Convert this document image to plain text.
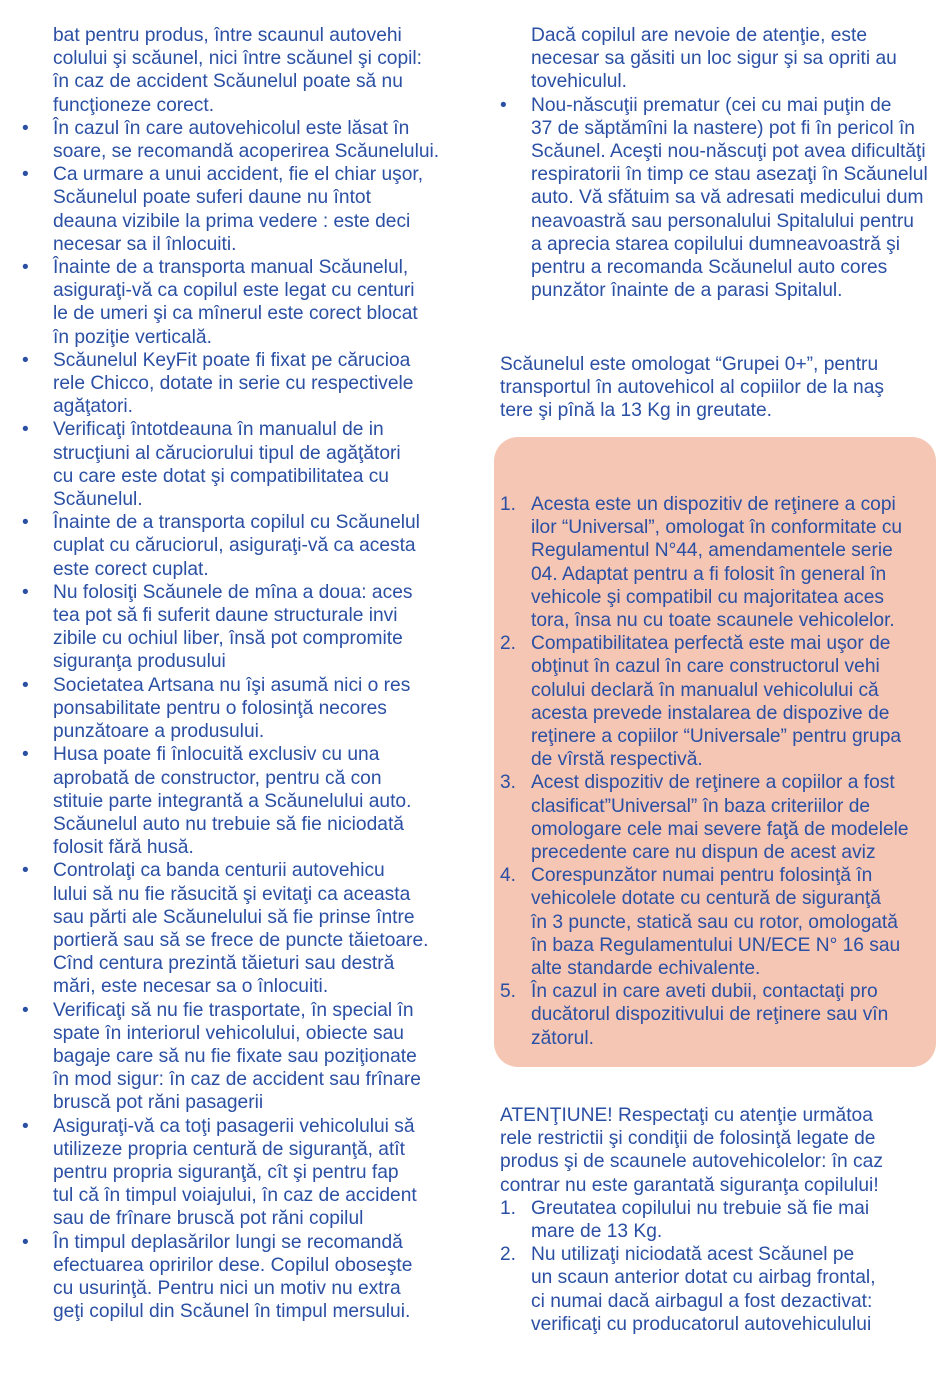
bat pentru produs, între scaunul autovehi
colului şi scăunel, nici între scăunel şi copil:
în caz de accident Scăunelul poate să nu
funcţioneze corect.
•	În cazul în care autovehicolul este lăsat în
soare, se recomandă acoperirea Scăunelului.
•	Ca urmare a unui accident, fie el chiar uşor,
Scăunelul poate suferi daune nu întot
deauna vizibile la prima vedere : este deci
necesar sa il înlocuiti.
•	Înainte de a transporta manual Scăunelul,
asiguraţi-vă ca copilul este legat cu centuri
le de umeri şi ca mînerul este corect blocat
în poziţie verticală.
•	Scăunelul KeyFit poate fi fixat pe căruciоa
rele Chicco, dotate in serie cu respectivele
agăţatori.
•	Verificaţi întotdeauna în manualul de in
strucţiuni al căruciorului tipul de agăţători
cu care este dotat şi compatibilitatea cu
Scăunelul.
•	Înainte de a transporta copilul cu Scăunelul
cuplat cu căruciorul, asiguraţi-vă ca acesta
este corect cuplat.
•	Nu folosiţi Scăunele de mîna a doua: aces
tea pot să fi suferit daune structurale invi
zibile cu ochiul liber, însă pot compromite
siguranţa produsului
•	Societatea Artsana nu îşi asumă nici o res
ponsabilitate pentru o folosinţă necores
punzătoare a produsului.
•	Husa poate fi înlocuită exclusiv cu una
aprobată de constructor, pentru că con
stituie parte integrantă a Scăunelului auto.
Scăunelul auto nu trebuie să fie niciodată
folosit fără husă.
•	Controlaţi ca banda centurii autovehicu
lului să nu fie răsucită şi evitaţi ca aceasta
sau părti ale Scăunelului să fie prinse între
portieră sau să se frece de puncte tăietoare.
Cînd centura prezintă tăieturi sau destră
mări, este necesar sa o înlocuiti.
•	Verificaţi să nu fie trasportate, în special în
spate în interiorul vehicolului, obiecte sau
bagaje care să nu fie fixate sau poziţionate
în mod sigur: în caz de accident sau frînare
bruscă pot răni pasagerii
•	Asiguraţi-vă ca toţi pasagerii vehicolului să
utilizeze propria centură de siguranţă, atît
pentru propria siguranţă, cît şi pentru fap
tul că în timpul voiajului, în caz de accident
sau de frînare bruscă pot răni copilul
•	În timpul deplasărilor lungi se recomandă
efectuarea opririlor dese. Copilul oboseşte
cu usurinţă. Pentru nici un motiv nu extra
geţi copilul din Scăunel în timpul mersului.
Dacă copilul are nevoie de atenţie, este
necesar sa găsiti un loc sigur şi sa opriti au
tovehiculul.
•	Nou-născuţii prematur (cei cu mai puţin de
37 de săptămîni la nastere) pot fi în pericol în
Scăunel. Aceşti nou-născuţi pot avea dificultăţi
respiratorii în timp ce stau asezaţi în Scăunelul
auto. Vă sfătuim sa vă adresati medicului dum
neavoastră sau personalului Spitalului pentru
a aprecia starea copilului dumneavoastră şi
pentru a recomanda Scăunelul auto cores
punzător înainte de a parasi Spitalul.
Scăunelul este omologat “Grupei 0+”, pentru
transportul în autovehicol al copiilor de la naş
tere şi pînă la 13 Kg in greutate.
1. Acesta este un dispozitiv de reţinere a copi
ilor “Universal”, omologat în conformitate cu
Regulamentul N°44, amendamentele serie
04. Adaptat pentru a fi folosit în general în
vehicole şi compatibil cu majoritatea aces
tora, însa nu cu toate scaunele vehicolelor.
2. Compatibilitatea perfectă este mai uşor de
obţinut în cazul în care constructorul vehi
colului declară în manualul vehicolului că
acesta prevede instalarea de dispozive de
reţinere a copiilor “Universale” pentru grupa
de vîrstă respectivă.
3. Acest dispozitiv de reţinere a copiilor a fost
clasificat”Universal” în baza criteriilor de
omologare cele mai severe faţă de modelele
precedente care nu dispun de acest aviz
4. Corespunzător numai pentru folosinţă în
vehicolele dotate cu centură de siguranţă
în 3 puncte, statică sau cu rotor, omologată
în baza Regulamentului UN/ECE N° 16 sau
alte standarde echivalente.
5. În cazul in care aveti dubii, contactaţi pro
ducătorul dispozitivului de reţinere sau vîn
zătorul.
ATENŢIUNE! Respectaţi cu atenţie următoa
rele restrictii şi condiţii de folosinţă legate de
produs şi de scaunele autovehicolelor: în caz
contrar nu este garantată siguranţa copilului!
1. Greutatea copilului nu trebuie să fie mai
mare de 13 Kg.
2. Nu utilizaţi niciodată acest Scăunel pe
un scaun anterior dotat cu airbag frontal,
ci numai dacă airbagul a fost dezactivat:
verificaţi cu producatorul autovehiculului
